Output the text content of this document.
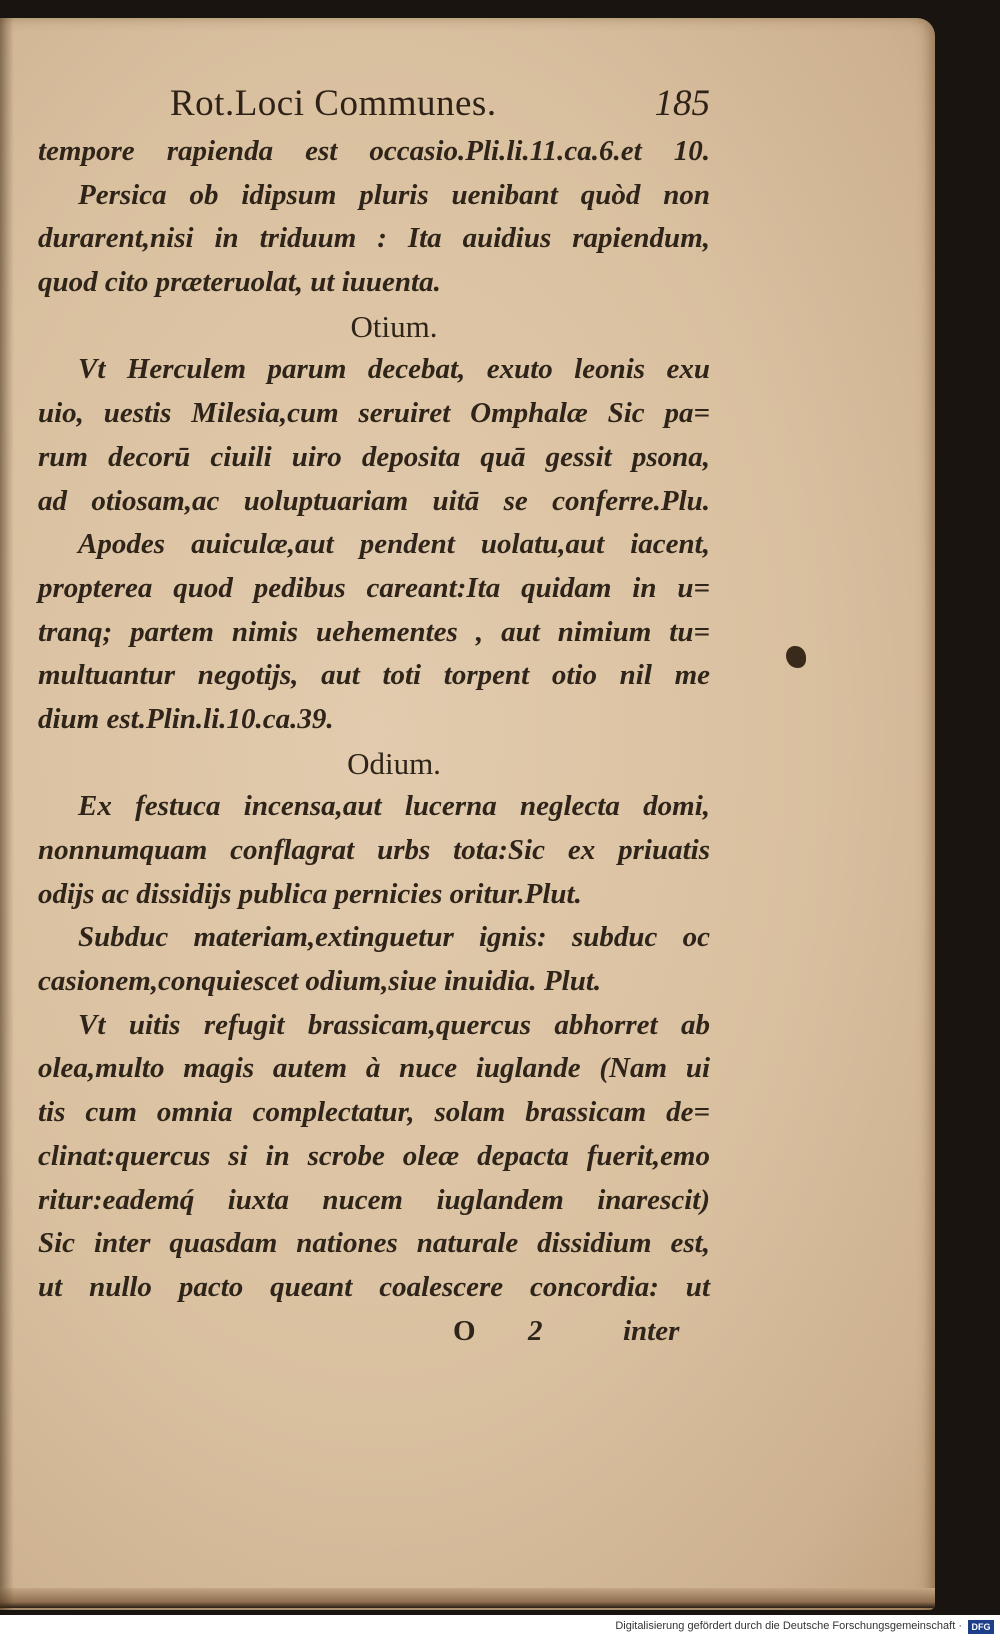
Rot.Loci Communes.	185
tempore rapienda est occasio.Pli.li.11.ca.6.et 10.
Persica ob idipsum pluris uenibant quòd non
durarent,nisi in triduum : Ita auidius rapiendum,
quod cito præteruolat, ut iuuenta.
Otium.
Vt Herculem parum decebat, exuto leonis exu
uio, uestis Milesia,cum seruiret Omphalæ Sic pa=
rum decorū ciuili uiro deposita quā gessit psona,
ad otiosam,ac uoluptuariam uitā se conferre.Plu.
Apodes auiculæ,aut pendent uolatu,aut iacent,
propterea quod pedibus careant:Ita quidam in u=
tranq; partem nimis uehementes , aut nimium tu=
multuantur negotijs, aut toti torpent otio nil me
dium est.Plin.li.10.ca.39.
Odium.
Ex festuca incensa,aut lucerna neglecta domi,
nonnumquam conflagrat urbs tota:Sic ex priuatis
odijs ac dissidijs publica pernicies oritur.Plut.
Subduc materiam,extinguetur ignis: subduc oc
casionem,conquiescet odium,siue inuidia. Plut.
Vt uitis refugit brassicam,quercus abhorret ab
olea,multo magis autem à nuce iuglande (Nam ui
tis cum omnia complectatur, solam brassicam de=
clinat:quercus si in scrobe oleæ depacta fuerit,emo
ritur:eademq́ iuxta nucem iuglandem inarescit)
Sic inter quasdam nationes naturale dissidium est,
ut nullo pacto queant coalescere concordia: ut
O 2	inter
Digitalisierung gefördert durch die Deutsche Forschungsgemeinschaft ·	DFG
